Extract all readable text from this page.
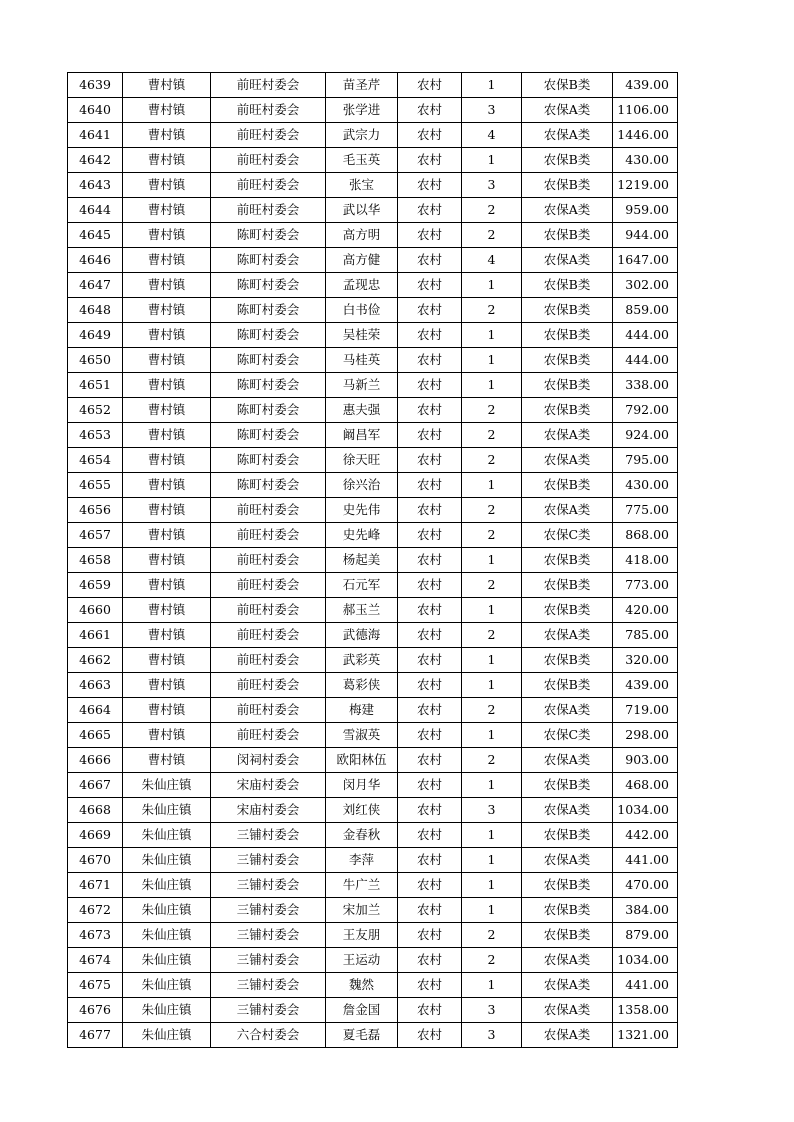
4639	曹村镇	前旺村委会	苗圣芹	农村	1	农保B类	439.00
4640	曹村镇	前旺村委会	张学进	农村	3	农保A类	1106.00
4641	曹村镇	前旺村委会	武宗力	农村	4	农保A类	1446.00
4642	曹村镇	前旺村委会	毛玉英	农村	1	农保B类	430.00
4643	曹村镇	前旺村委会	张宝	农村	3	农保B类	1219.00
4644	曹村镇	前旺村委会	武以华	农村	2	农保A类	959.00
4645	曹村镇	陈町村委会	高方明	农村	2	农保B类	944.00
4646	曹村镇	陈町村委会	高方健	农村	4	农保A类	1647.00
4647	曹村镇	陈町村委会	孟现忠	农村	1	农保B类	302.00
4648	曹村镇	陈町村委会	白书俭	农村	2	农保B类	859.00
4649	曹村镇	陈町村委会	吴桂荣	农村	1	农保B类	444.00
4650	曹村镇	陈町村委会	马桂英	农村	1	农保B类	444.00
4651	曹村镇	陈町村委会	马新兰	农村	1	农保B类	338.00
4652	曹村镇	陈町村委会	惠夫强	农村	2	农保B类	792.00
4653	曹村镇	陈町村委会	阚昌军	农村	2	农保A类	924.00
4654	曹村镇	陈町村委会	徐天旺	农村	2	农保A类	795.00
4655	曹村镇	陈町村委会	徐兴治	农村	1	农保B类	430.00
4656	曹村镇	前旺村委会	史先伟	农村	2	农保A类	775.00
4657	曹村镇	前旺村委会	史先峰	农村	2	农保C类	868.00
4658	曹村镇	前旺村委会	杨起美	农村	1	农保B类	418.00
4659	曹村镇	前旺村委会	石元军	农村	2	农保B类	773.00
4660	曹村镇	前旺村委会	郝玉兰	农村	1	农保B类	420.00
4661	曹村镇	前旺村委会	武德海	农村	2	农保A类	785.00
4662	曹村镇	前旺村委会	武彩英	农村	1	农保B类	320.00
4663	曹村镇	前旺村委会	葛彩侠	农村	1	农保B类	439.00
4664	曹村镇	前旺村委会	梅建	农村	2	农保A类	719.00
4665	曹村镇	前旺村委会	雪淑英	农村	1	农保C类	298.00
4666	曹村镇	闵祠村委会	欧阳林伍	农村	2	农保A类	903.00
4667	朱仙庄镇	宋庙村委会	闵月华	农村	1	农保B类	468.00
4668	朱仙庄镇	宋庙村委会	刘红侠	农村	3	农保A类	1034.00
4669	朱仙庄镇	三铺村委会	金春秋	农村	1	农保B类	442.00
4670	朱仙庄镇	三铺村委会	李萍	农村	1	农保A类	441.00
4671	朱仙庄镇	三铺村委会	牛广兰	农村	1	农保B类	470.00
4672	朱仙庄镇	三铺村委会	宋加兰	农村	1	农保B类	384.00
4673	朱仙庄镇	三铺村委会	王友朋	农村	2	农保B类	879.00
4674	朱仙庄镇	三铺村委会	王运动	农村	2	农保A类	1034.00
4675	朱仙庄镇	三铺村委会	魏然	农村	1	农保A类	441.00
4676	朱仙庄镇	三铺村委会	詹金国	农村	3	农保A类	1358.00
4677	朱仙庄镇	六合村委会	夏毛磊	农村	3	农保A类	1321.00
